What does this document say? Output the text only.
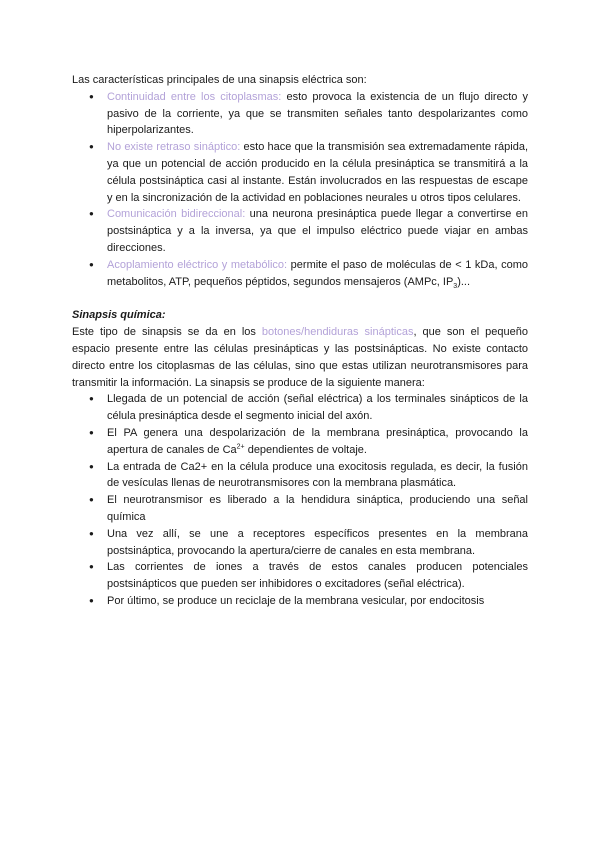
Las características principales de una sinapsis eléctrica son:

● Continuidad entre los citoplasmas: esto provoca la existencia de un flujo directo y pasivo de la corriente, ya que se transmiten señales tanto despolarizantes como hiperpolarizantes.
● No existe retraso sináptico: esto hace que la transmisión sea extremadamente rápida, ya que un potencial de acción producido en la célula presináptica se transmitirá a la célula postsináptica casi al instante. Están involucrados en las respuestas de escape y en la sincronización de la actividad en poblaciones neurales u otros tipos celulares.
● Comunicación bidireccional: una neurona presináptica puede llegar a convertirse en postsináptica y a la inversa, ya que el impulso eléctrico puede viajar en ambas direcciones.
● Acoplamiento eléctrico y metabólico: permite el paso de moléculas de < 1 kDa, como metabolitos, ATP, pequeños péptidos, segundos mensajeros (AMPc, $IP_3$)...

Sinapsis química:

Este tipo de sinapsis se da en los botones/hendiduras sinápticas, que son el pequeño espacio presente entre las células presinápticas y las postsinápticas. No existe contacto directo entre los citoplasmas de las células, sino que estas utilizan neurotransmisores para transmitir la información. La sinapsis se produce de la siguiente manera:

● Llegada de un potencial de acción (señal eléctrica) a los terminales sinápticos de la célula presináptica desde el segmento inicial del axón.
● El PA genera una despolarización de la membrana presináptica, provocando la apertura de canales de $Ca^{2+}$ dependientes de voltaje.
● La entrada de Ca2+ en la célula produce una exocitosis regulada, es decir, la fusión de vesículas llenas de neurotransmisores con la membrana plasmática.
● El neurotransmisor es liberado a la hendidura sináptica, produciendo una señal química
● Una vez allí, se une a receptores específicos presentes en la membrana postsináptica, provocando la apertura/cierre de canales en esta membrana.
● Las corrientes de iones a través de estos canales producen potenciales postsinápticos que pueden ser inhibidores o excitadores (señal eléctrica).
● Por último, se produce un reciclaje de la membrana vesicular, por endocitosis
